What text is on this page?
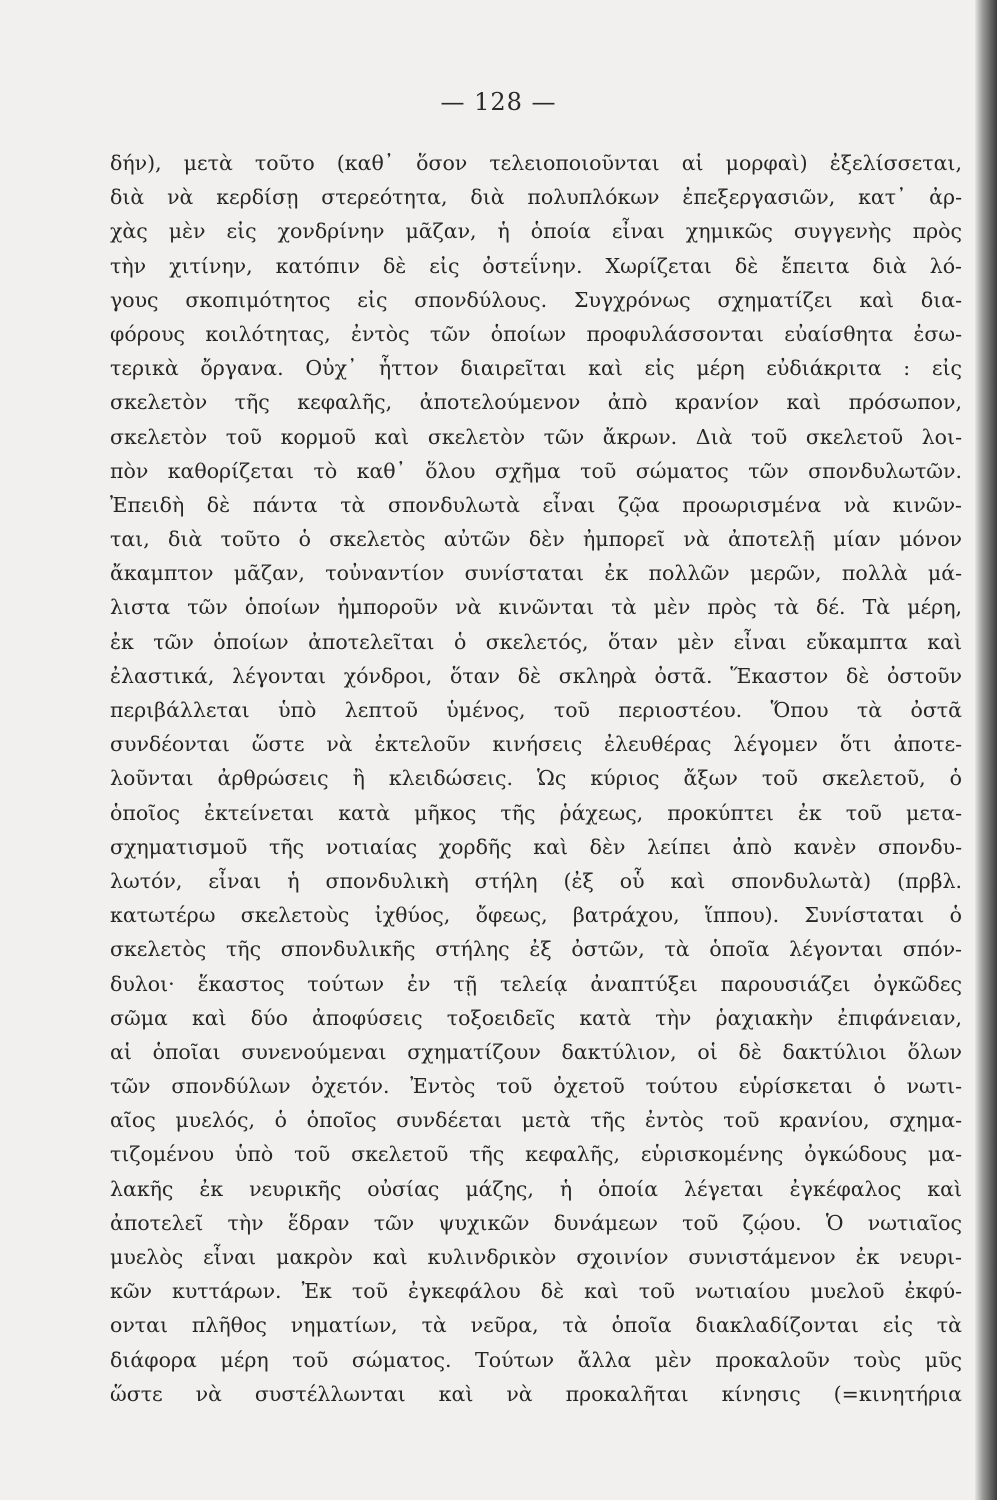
— 128 —
δήν), μετὰ τοῦτο (καθ᾽ ὅσον τελειοποιοῦνται αἱ μορφαὶ) ἐξελίσσεται,
διὰ νὰ κερδίσῃ στερεότητα, διὰ πολυπλόκων ἐπεξεργασιῶν, κατ᾽ ἀρ-
χὰς μὲν εἰς χονδρίνην μᾶζαν, ἡ ὁποία εἶναι χημικῶς συγγενὴς πρὸς
τὴν χιτίνην, κατόπιν δὲ εἰς ὀστεΐνην. Χωρίζεται δὲ ἔπειτα διὰ λό-
γους σκοπιμότητος εἰς σπονδύλους. Συγχρόνως σχηματίζει καὶ δια-
φόρους κοιλότητας, ἐντὸς τῶν ὁποίων προφυλάσσονται εὐαίσθητα ἐσω-
τερικὰ ὄργανα. Οὐχ᾽ ἧττον διαιρεῖται καὶ εἰς μέρη εὐδιάκριτα : εἰς
σκελετὸν τῆς κεφαλῆς, ἀποτελούμενον ἀπὸ κρανίον καὶ πρόσωπον,
σκελετὸν τοῦ κορμοῦ καὶ σκελετὸν τῶν ἄκρων. Διὰ τοῦ σκελετοῦ λοι-
πὸν καθορίζεται τὸ καθ᾽ ὅλου σχῆμα τοῦ σώματος τῶν σπονδυλωτῶν.
Ἐπειδὴ δὲ πάντα τὰ σπονδυλωτὰ εἶναι ζῷα προωρισμένα νὰ κινῶν-
ται, διὰ τοῦτο ὁ σκελετὸς αὐτῶν δὲν ἠμπορεῖ νὰ ἀποτελῇ μίαν μόνον
ἄκαμπτον μᾶζαν, τοὐναντίον συνίσταται ἐκ πολλῶν μερῶν, πολλὰ μά-
λιστα τῶν ὁποίων ἠμποροῦν νὰ κινῶνται τὰ μὲν πρὸς τὰ δέ. Τὰ μέρη,
ἐκ τῶν ὁποίων ἀποτελεῖται ὁ σκελετός, ὅταν μὲν εἶναι εὔκαμπτα καὶ
ἐλαστικά, λέγονται χόνδροι, ὅταν δὲ σκληρὰ ὀστᾶ. Ἕκαστον δὲ ὀστοῦν
περιβάλλεται ὑπὸ λεπτοῦ ὑμένος, τοῦ περιοστέου. Ὅπου τὰ ὀστᾶ
συνδέονται ὥστε νὰ ἐκτελοῦν κινήσεις ἐλευθέρας λέγομεν ὅτι ἀποτε-
λοῦνται ἀρθρώσεις ἢ κλειδώσεις. Ὡς κύριος ἄξων τοῦ σκελετοῦ, ὁ
ὁποῖος ἐκτείνεται κατὰ μῆκος τῆς ῥάχεως, προκύπτει ἐκ τοῦ μετα-
σχηματισμοῦ τῆς νοτιαίας χορδῆς καὶ δὲν λείπει ἀπὸ κανὲν σπονδυ-
λωτόν, εἶναι ἡ σπονδυλικὴ στήλη (ἐξ οὗ καὶ σπονδυλωτὰ) (πρβλ.
κατωτέρω σκελετοὺς ἰχθύος, ὄφεως, βατράχου, ἵππου). Συνίσταται ὁ
σκελετὸς τῆς σπονδυλικῆς στήλης ἐξ ὀστῶν, τὰ ὁποῖα λέγονται σπόν-
δυλοι· ἕκαστος τούτων ἐν τῇ τελείᾳ ἀναπτύξει παρουσιάζει ὀγκῶδες
σῶμα καὶ δύο ἀποφύσεις τοξοειδεῖς κατὰ τὴν ῥαχιακὴν ἐπιφάνειαν,
αἱ ὁποῖαι συνενούμεναι σχηματίζουν δακτύλιον, οἱ δὲ δακτύλιοι ὅλων
τῶν σπονδύλων ὀχετόν. Ἐντὸς τοῦ ὀχετοῦ τούτου εὑρίσκεται ὁ νωτι-
αῖος μυελός, ὁ ὁποῖος συνδέεται μετὰ τῆς ἐντὸς τοῦ κρανίου, σχημα-
τιζομένου ὑπὸ τοῦ σκελετοῦ τῆς κεφαλῆς, εὑρισκομένης ὀγκώδους μα-
λακῆς ἐκ νευρικῆς οὐσίας μάζης, ἡ ὁποία λέγεται ἐγκέφαλος καὶ
ἀποτελεῖ τὴν ἕδραν τῶν ψυχικῶν δυνάμεων τοῦ ζῴου. Ὁ νωτιαῖος
μυελὸς εἶναι μακρὸν καὶ κυλινδρικὸν σχοινίον συνιστάμενον ἐκ νευρι-
κῶν κυττάρων. Ἐκ τοῦ ἐγκεφάλου δὲ καὶ τοῦ νωτιαίου μυελοῦ ἐκφύ-
ονται πλῆθος νηματίων, τὰ νεῦρα, τὰ ὁποῖα διακλαδίζονται εἰς τὰ
διάφορα μέρη τοῦ σώματος. Τούτων ἄλλα μὲν προκαλοῦν τοὺς μῦς
ὥστε νὰ συστέλλωνται καὶ νὰ προκαλῆται κίνησις (=κινητήρια
